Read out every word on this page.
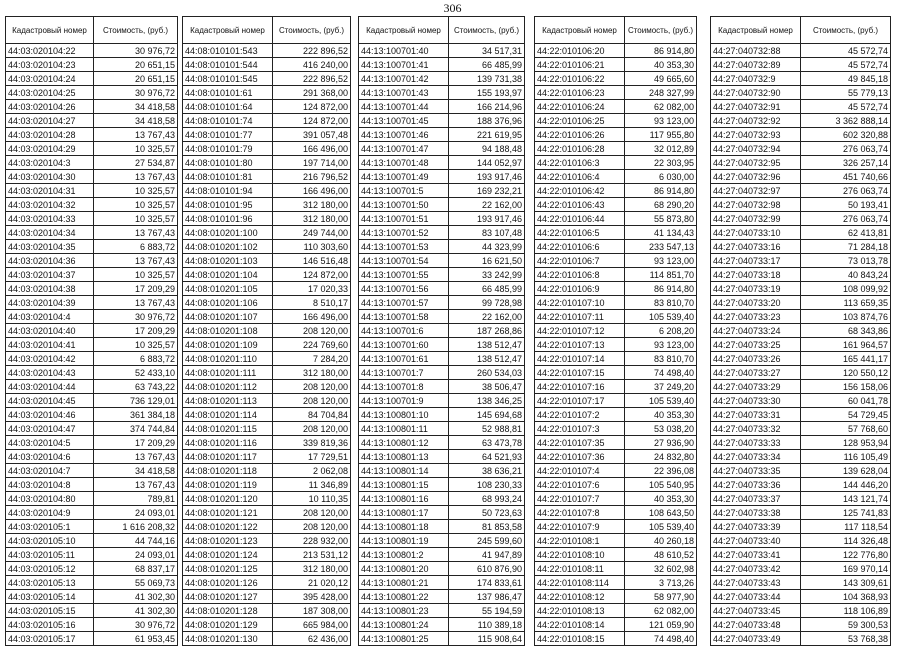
306
Кадастровый номер	Стоимость, (руб.)
44:03:020104:22	30 976,72
44:03:020104:23	20 651,15
44:03:020104:24	20 651,15
44:03:020104:25	30 976,72
44:03:020104:26	34 418,58
44:03:020104:27	34 418,58
44:03:020104:28	13 767,43
44:03:020104:29	10 325,57
44:03:020104:3	27 534,87
44:03:020104:30	13 767,43
44:03:020104:31	10 325,57
44:03:020104:32	10 325,57
44:03:020104:33	10 325,57
44:03:020104:34	13 767,43
44:03:020104:35	6 883,72
44:03:020104:36	13 767,43
44:03:020104:37	10 325,57
44:03:020104:38	17 209,29
44:03:020104:39	13 767,43
44:03:020104:4	30 976,72
44:03:020104:40	17 209,29
44:03:020104:41	10 325,57
44:03:020104:42	6 883,72
44:03:020104:43	52 433,10
44:03:020104:44	63 743,22
44:03:020104:45	736 129,01
44:03:020104:46	361 384,18
44:03:020104:47	374 744,84
44:03:020104:5	17 209,29
44:03:020104:6	13 767,43
44:03:020104:7	34 418,58
44:03:020104:8	13 767,43
44:03:020104:80	789,81
44:03:020104:9	24 093,01
44:03:020105:1	1 616 208,32
44:03:020105:10	44 744,16
44:03:020105:11	24 093,01
44:03:020105:12	68 837,17
44:03:020105:13	55 069,73
44:03:020105:14	41 302,30
44:03:020105:15	41 302,30
44:03:020105:16	30 976,72
44:03:020105:17	61 953,45
Кадастровый номер	Стоимость, (руб.)
44:08:010101:543	222 896,52
44:08:010101:544	416 240,00
44:08:010101:545	222 896,52
44:08:010101:61	291 368,00
44:08:010101:64	124 872,00
44:08:010101:74	124 872,00
44:08:010101:77	391 057,48
44:08:010101:79	166 496,00
44:08:010101:80	197 714,00
44:08:010101:81	216 796,52
44:08:010101:94	166 496,00
44:08:010101:95	312 180,00
44:08:010101:96	312 180,00
44:08:010201:100	249 744,00
44:08:010201:102	110 303,60
44:08:010201:103	146 516,48
44:08:010201:104	124 872,00
44:08:010201:105	17 020,33
44:08:010201:106	8 510,17
44:08:010201:107	166 496,00
44:08:010201:108	208 120,00
44:08:010201:109	224 769,60
44:08:010201:110	7 284,20
44:08:010201:111	312 180,00
44:08:010201:112	208 120,00
44:08:010201:113	208 120,00
44:08:010201:114	84 704,84
44:08:010201:115	208 120,00
44:08:010201:116	339 819,36
44:08:010201:117	17 729,51
44:08:010201:118	2 062,08
44:08:010201:119	11 346,89
44:08:010201:120	10 110,35
44:08:010201:121	208 120,00
44:08:010201:122	208 120,00
44:08:010201:123	228 932,00
44:08:010201:124	213 531,12
44:08:010201:125	312 180,00
44:08:010201:126	21 020,12
44:08:010201:127	395 428,00
44:08:010201:128	187 308,00
44:08:010201:129	665 984,00
44:08:010201:130	62 436,00
Кадастровый номер	Стоимость, (руб.)
44:13:100701:40	34 517,31
44:13:100701:41	66 485,99
44:13:100701:42	139 731,38
44:13:100701:43	155 193,97
44:13:100701:44	166 214,96
44:13:100701:45	188 376,96
44:13:100701:46	221 619,95
44:13:100701:47	94 188,48
44:13:100701:48	144 052,97
44:13:100701:49	193 917,46
44:13:100701:5	169 232,21
44:13:100701:50	22 162,00
44:13:100701:51	193 917,46
44:13:100701:52	83 107,48
44:13:100701:53	44 323,99
44:13:100701:54	16 621,50
44:13:100701:55	33 242,99
44:13:100701:56	66 485,99
44:13:100701:57	99 728,98
44:13:100701:58	22 162,00
44:13:100701:6	187 268,86
44:13:100701:60	138 512,47
44:13:100701:61	138 512,47
44:13:100701:7	260 534,03
44:13:100701:8	38 506,47
44:13:100701:9	138 346,25
44:13:100801:10	145 694,68
44:13:100801:11	52 988,81
44:13:100801:12	63 473,78
44:13:100801:13	64 521,93
44:13:100801:14	38 636,21
44:13:100801:15	108 230,33
44:13:100801:16	68 993,24
44:13:100801:17	50 723,63
44:13:100801:18	81 853,58
44:13:100801:19	245 599,60
44:13:100801:2	41 947,89
44:13:100801:20	610 876,90
44:13:100801:21	174 833,61
44:13:100801:22	137 986,47
44:13:100801:23	55 194,59
44:13:100801:24	110 389,18
44:13:100801:25	115 908,64
Кадастровый номер	Стоимость, (руб.)
44:22:010106:20	86 914,80
44:22:010106:21	40 353,30
44:22:010106:22	49 665,60
44:22:010106:23	248 327,99
44:22:010106:24	62 082,00
44:22:010106:25	93 123,00
44:22:010106:26	117 955,80
44:22:010106:28	32 012,89
44:22:010106:3	22 303,95
44:22:010106:4	6 030,00
44:22:010106:42	86 914,80
44:22:010106:43	68 290,20
44:22:010106:44	55 873,80
44:22:010106:5	41 134,43
44:22:010106:6	233 547,13
44:22:010106:7	93 123,00
44:22:010106:8	114 851,70
44:22:010106:9	86 914,80
44:22:010107:10	83 810,70
44:22:010107:11	105 539,40
44:22:010107:12	6 208,20
44:22:010107:13	93 123,00
44:22:010107:14	83 810,70
44:22:010107:15	74 498,40
44:22:010107:16	37 249,20
44:22:010107:17	105 539,40
44:22:010107:2	40 353,30
44:22:010107:3	53 038,20
44:22:010107:35	27 936,90
44:22:010107:36	24 832,80
44:22:010107:4	22 396,08
44:22:010107:6	105 540,95
44:22:010107:7	40 353,30
44:22:010107:8	108 643,50
44:22:010107:9	105 539,40
44:22:010108:1	40 260,18
44:22:010108:10	48 610,52
44:22:010108:11	32 602,98
44:22:010108:114	3 713,26
44:22:010108:12	58 977,90
44:22:010108:13	62 082,00
44:22:010108:14	121 059,90
44:22:010108:15	74 498,40
Кадастровый номер	Стоимость, (руб.)
44:27:040732:88	45 572,74
44:27:040732:89	45 572,74
44:27:040732:9	49 845,18
44:27:040732:90	55 779,13
44:27:040732:91	45 572,74
44:27:040732:92	3 362 888,14
44:27:040732:93	602 320,88
44:27:040732:94	276 063,74
44:27:040732:95	326 257,14
44:27:040732:96	451 740,66
44:27:040732:97	276 063,74
44:27:040732:98	50 193,41
44:27:040732:99	276 063,74
44:27:040733:10	62 413,81
44:27:040733:16	71 284,18
44:27:040733:17	73 013,78
44:27:040733:18	40 843,24
44:27:040733:19	108 099,92
44:27:040733:20	113 659,35
44:27:040733:23	103 874,76
44:27:040733:24	68 343,86
44:27:040733:25	161 964,57
44:27:040733:26	165 441,17
44:27:040733:27	120 550,12
44:27:040733:29	156 158,06
44:27:040733:30	60 041,78
44:27:040733:31	54 729,45
44:27:040733:32	57 768,60
44:27:040733:33	128 953,94
44:27:040733:34	116 105,49
44:27:040733:35	139 628,04
44:27:040733:36	144 446,20
44:27:040733:37	143 121,74
44:27:040733:38	125 741,83
44:27:040733:39	117 118,54
44:27:040733:40	114 326,48
44:27:040733:41	122 776,80
44:27:040733:42	169 970,14
44:27:040733:43	143 309,61
44:27:040733:44	104 368,93
44:27:040733:45	118 106,89
44:27:040733:48	59 300,53
44:27:040733:49	53 768,38
